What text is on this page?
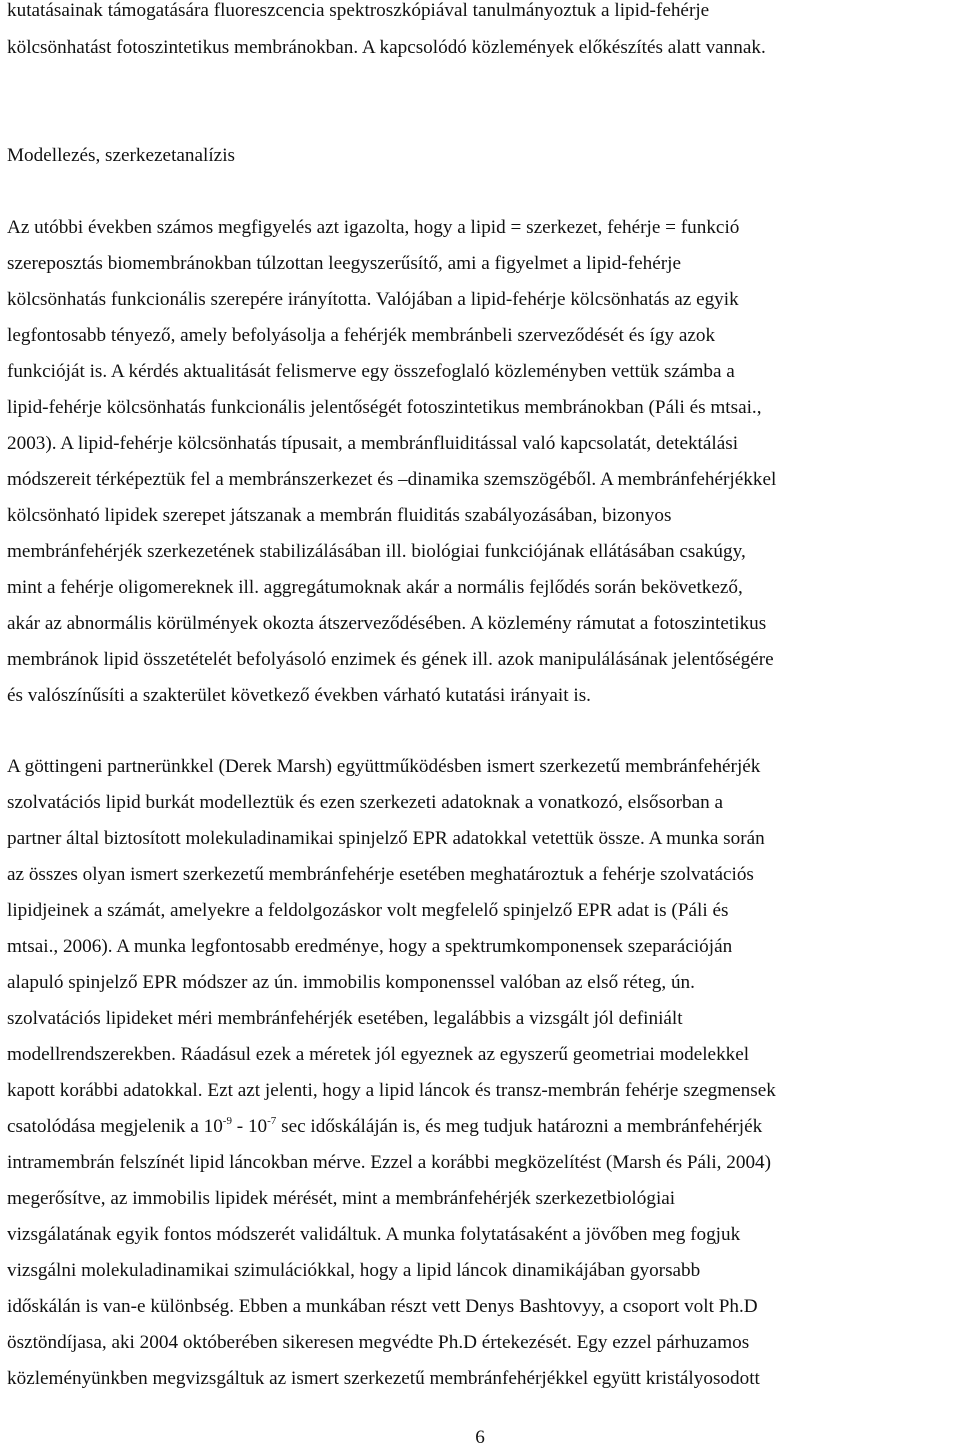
kutatásainak támogatására fluoreszcencia spektroszkópiával tanulmányoztuk a lipid-fehérje
kölcsönhatást fotoszintetikus membránokban. A kapcsolódó közlemények előkészítés alatt vannak.
Modellezés, szerkezetanalízis
Az utóbbi években számos megfigyelés azt igazolta, hogy a lipid = szerkezet, fehérje = funkció
szereposztás biomembránokban túlzottan leegyszerűsítő, ami a figyelmet a lipid-fehérje
kölcsönhatás funkcionális szerepére irányította. Valójában a lipid-fehérje kölcsönhatás az egyik
legfontosabb tényező, amely befolyásolja a fehérjék membránbeli szerveződését és így azok
funkcióját is. A kérdés aktualitását felismerve egy összefoglaló közleményben vettük számba a
lipid-fehérje kölcsönhatás funkcionális jelentőségét fotoszintetikus membránokban (Páli és mtsai.,
2003). A lipid-fehérje kölcsönhatás típusait, a membránfluiditással való kapcsolatát, detektálási
módszereit térképeztük fel a membránszerkezet és –dinamika szemszögéből. A membránfehérjékkel
kölcsönható lipidek szerepet játszanak a membrán fluiditás szabályozásában, bizonyos
membránfehérjék szerkezetének stabilizálásában ill. biológiai funkciójának ellátásában csakúgy,
mint a fehérje oligomereknek ill. aggregátumoknak akár a normális fejlődés során bekövetkező,
akár az abnormális körülmények okozta átszerveződésében. A közlemény rámutat a fotoszintetikus
membránok lipid összetételét befolyásoló enzimek és gének ill. azok manipulálásának jelentőségére
és valószínűsíti a szakterület következő években várható kutatási irányait is.
A göttingeni partnerünkkel (Derek Marsh) együttműködésben ismert szerkezetű membránfehérjék
szolvatációs lipid burkát modelleztük és ezen szerkezeti adatoknak a vonatkozó, elsősorban a
partner által biztosított molekuladinamikai spinjelző EPR adatokkal vetettük össze. A munka során
az összes olyan ismert szerkezetű membránfehérje esetében meghatároztuk a fehérje szolvatációs
lipidjeinek a számát, amelyekre a feldolgozáskor volt megfelelő spinjelző EPR adat is (Páli és
mtsai., 2006). A munka legfontosabb eredménye, hogy a spektrumkomponensek szeparációján
alapuló spinjelző EPR módszer az ún. immobilis komponenssel valóban az első réteg, ún.
szolvatációs lipideket méri membránfehérjék esetében, legalábbis a vizsgált jól definiált
modellrendszerekben. Ráadásul ezek a méretek jól egyeznek az egyszerű geometriai modelekkel
kapott korábbi adatokkal. Ezt azt jelenti, hogy a lipid láncok és transz-membrán fehérje szegmensek
csatolódása megjelenik a $10^{-9} - 10^{-7}$ sec időskáláján is, és meg tudjuk határozni a membránfehérjék
intramembrán felszínét lipid láncokban mérve. Ezzel a korábbi megközelítést (Marsh és Páli, 2004)
megerősítve, az immobilis lipidek mérését, mint a membránfehérjék szerkezetbiológiai
vizsgálatának egyik fontos módszerét validáltuk. A munka folytatásaként a jövőben meg fogjuk
vizsgálni molekuladinamikai szimulációkkal, hogy a lipid láncok dinamikájában gyorsabb
időskálán is van-e különbség. Ebben a munkában részt vett Denys Bashtovyy, a csoport volt Ph.D
ösztöndíjasa, aki 2004 októberében sikeresen megvédte Ph.D értekezését. Egy ezzel párhuzamos
közleményünkben megvizsgáltuk az ismert szerkezetű membránfehérjékkel együtt kristályosodott
6
